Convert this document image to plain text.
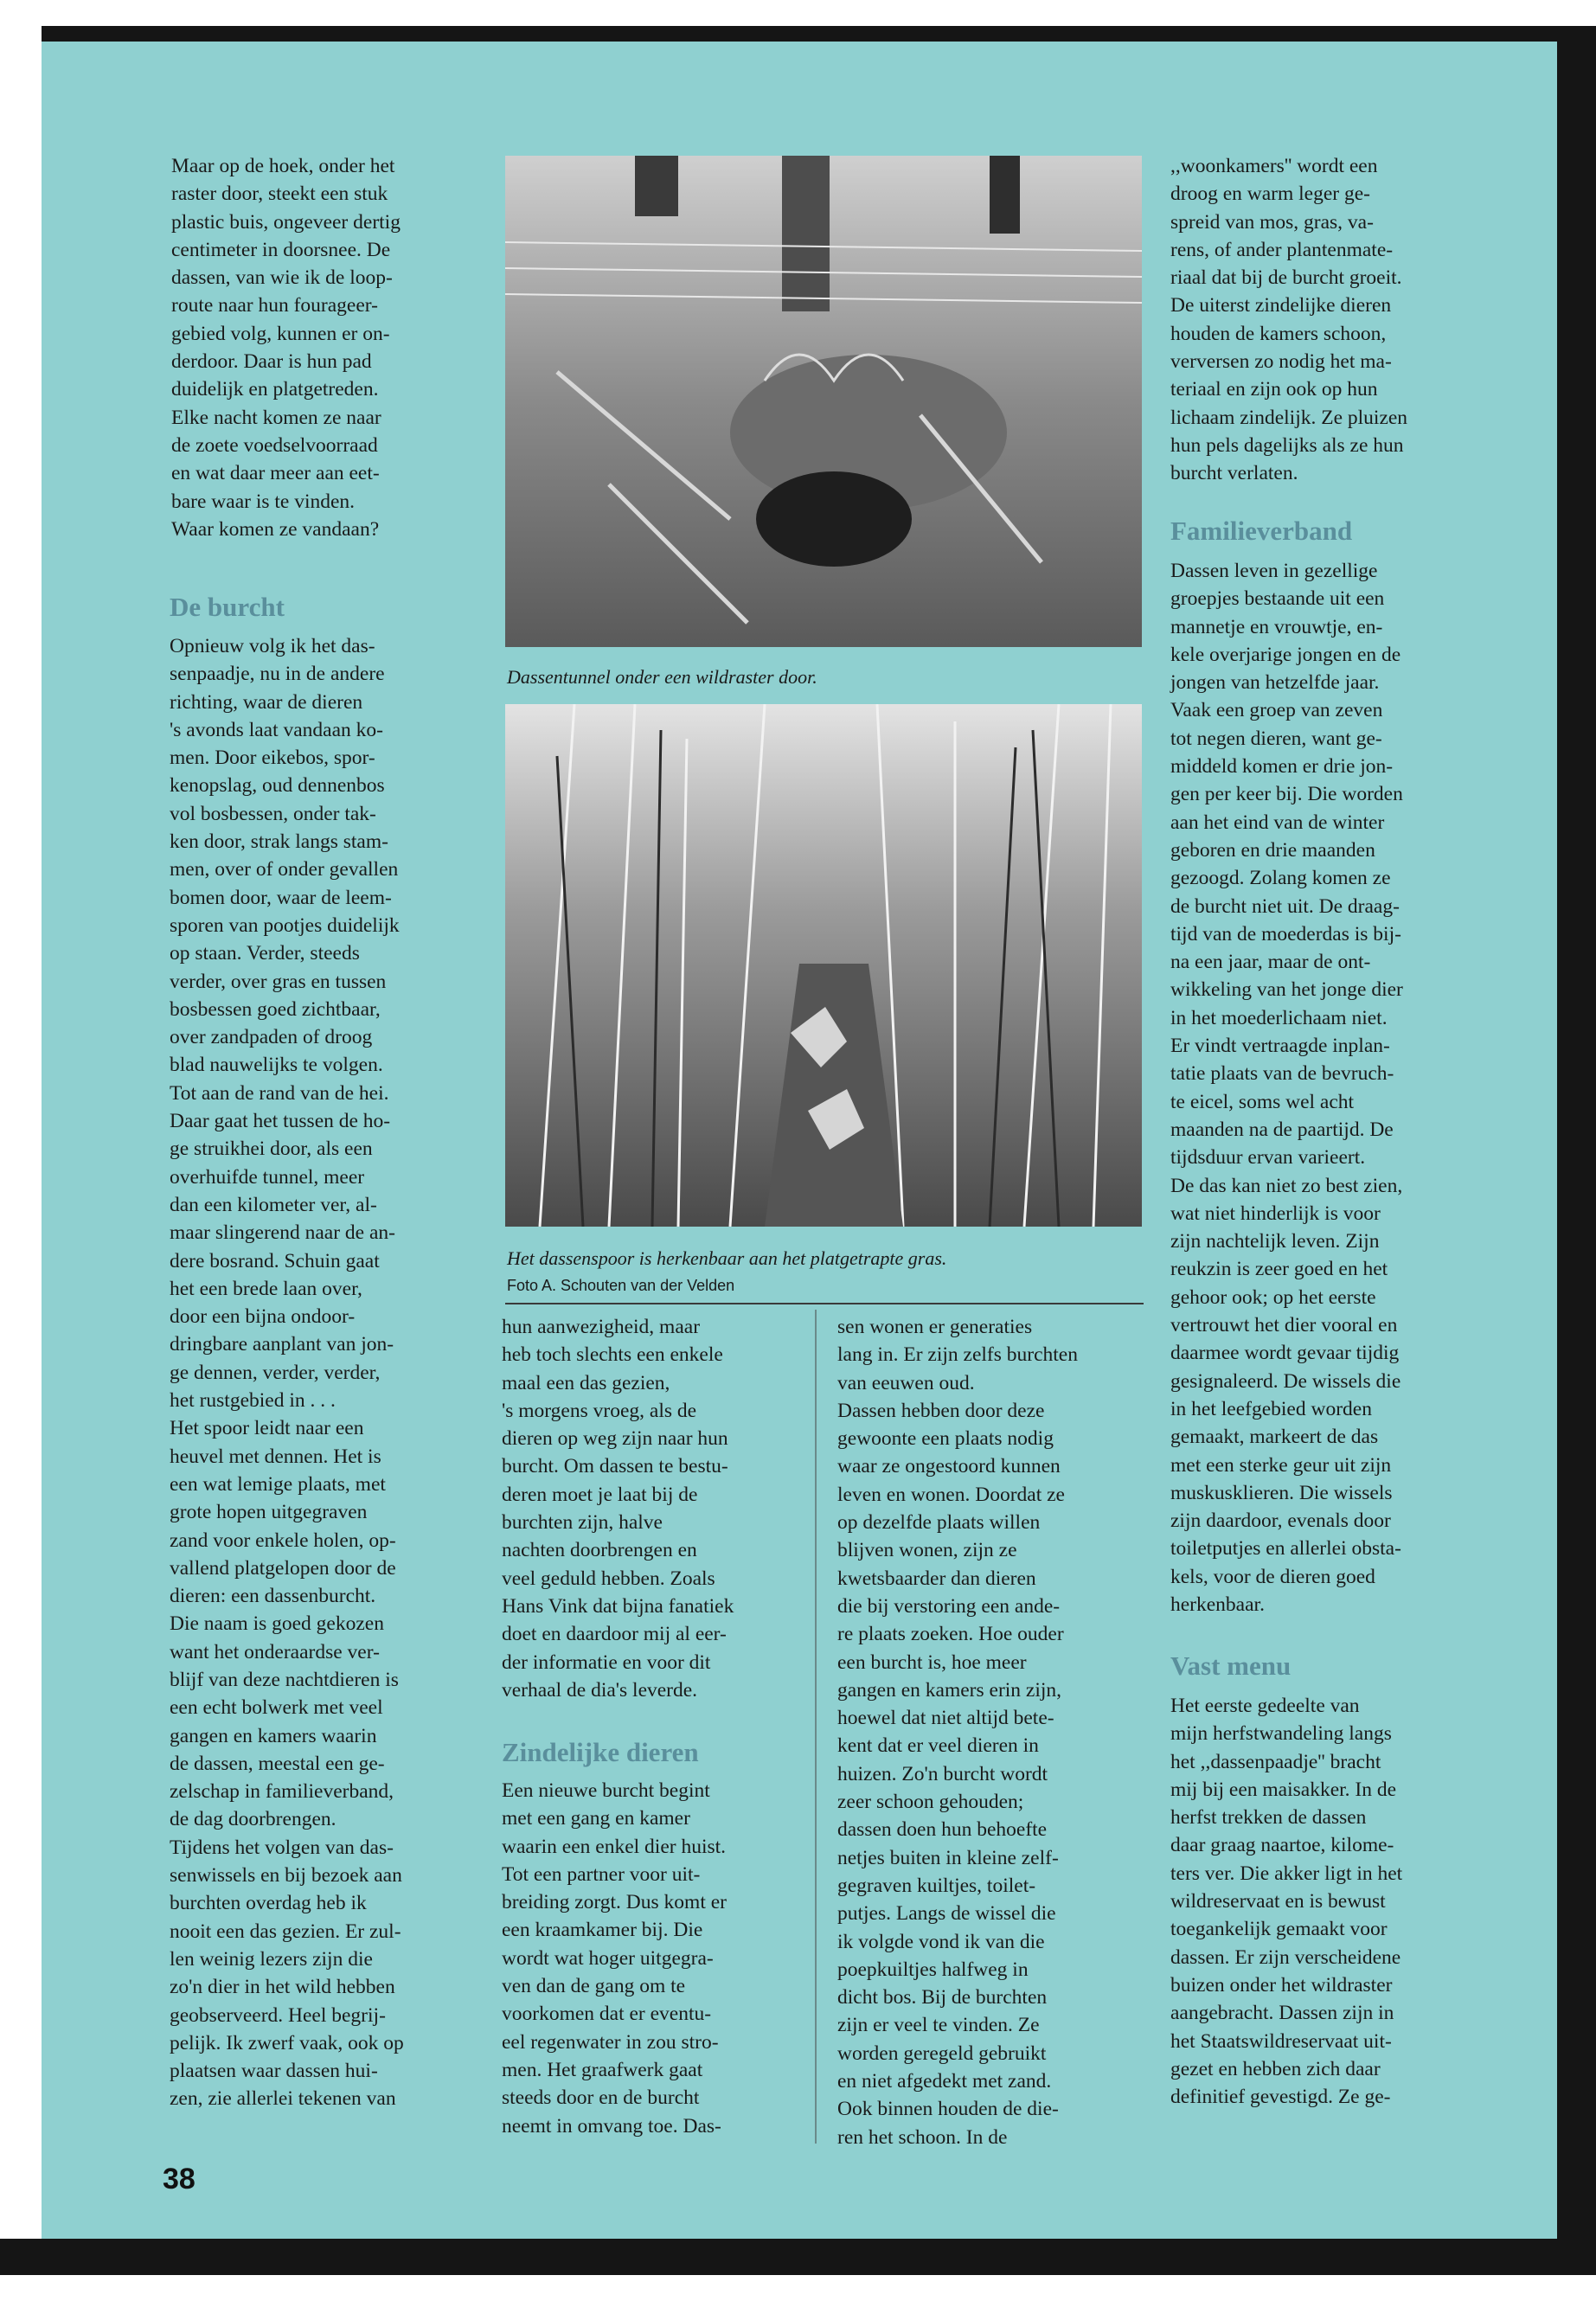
Maar op de hoek, onder het
raster door, steekt een stuk
plastic buis, ongeveer dertig
centimeter in doorsnee. De
dassen, van wie ik de loop-
route naar hun fourageer-
gebied volg, kunnen er on-
derdoor. Daar is hun pad
duidelijk en platgetreden.
Elke nacht komen ze naar
de zoete voedselvoorraad
en wat daar meer aan eet-
bare waar is te vinden.
Waar komen ze vandaan?
De burcht
Opnieuw volg ik het das-
senpaadje, nu in de andere
richting, waar de dieren
's avonds laat vandaan ko-
men. Door eikebos, spor-
kenopslag, oud dennenbos
vol bosbessen, onder tak-
ken door, strak langs stam-
men, over of onder gevallen
bomen door, waar de leem-
sporen van pootjes duidelijk
op staan. Verder, steeds
verder, over gras en tussen
bosbessen goed zichtbaar,
over zandpaden of droog
blad nauwelijks te volgen.
Tot aan de rand van de hei.
Daar gaat het tussen de ho-
ge struikhei door, als een
overhuifde tunnel, meer
dan een kilometer ver, al-
maar slingerend naar de an-
dere bosrand. Schuin gaat
het een brede laan over,
door een bijna ondoor-
dringbare aanplant van jon-
ge dennen, verder, verder,
het rustgebied in . . .
Het spoor leidt naar een
heuvel met dennen. Het is
een wat lemige plaats, met
grote hopen uitgegraven
zand voor enkele holen, op-
vallend platgelopen door de
dieren: een dassenburcht.
Die naam is goed gekozen
want het onderaardse ver-
blijf van deze nachtdieren is
een echt bolwerk met veel
gangen en kamers waarin
de dassen, meestal een ge-
zelschap in familieverband,
de dag doorbrengen.
Tijdens het volgen van das-
senwissels en bij bezoek aan
burchten overdag heb ik
nooit een das gezien. Er zul-
len weinig lezers zijn die
zo'n dier in het wild hebben
geobserveerd. Heel begrij-
pelijk. Ik zwerf vaak, ook op
plaatsen waar dassen hui-
zen, zie allerlei tekenen van
Dassentunnel onder een wildraster door.
Het dassenspoor is herkenbaar aan het platgetrapte gras.
Foto A. Schouten van der Velden
hun aanwezigheid, maar
heb toch slechts een enkele
maal een das gezien,
's morgens vroeg, als de
dieren op weg zijn naar hun
burcht. Om dassen te bestu-
deren moet je laat bij de
burchten zijn, halve
nachten doorbrengen en
veel geduld hebben. Zoals
Hans Vink dat bijna fanatiek
doet en daardoor mij al eer-
der informatie en voor dit
verhaal de dia's leverde.
Zindelijke dieren
Een nieuwe burcht begint
met een gang en kamer
waarin een enkel dier huist.
Tot een partner voor uit-
breiding zorgt. Dus komt er
een kraamkamer bij. Die
wordt wat hoger uitgegra-
ven dan de gang om te
voorkomen dat er eventu-
eel regenwater in zou stro-
men. Het graafwerk gaat
steeds door en de burcht
neemt in omvang toe. Das-
sen wonen er generaties
lang in. Er zijn zelfs burchten
van eeuwen oud.
Dassen hebben door deze
gewoonte een plaats nodig
waar ze ongestoord kunnen
leven en wonen. Doordat ze
op dezelfde plaats willen
blijven wonen, zijn ze
kwetsbaarder dan dieren
die bij verstoring een ande-
re plaats zoeken. Hoe ouder
een burcht is, hoe meer
gangen en kamers erin zijn,
hoewel dat niet altijd bete-
kent dat er veel dieren in
huizen. Zo'n burcht wordt
zeer schoon gehouden;
dassen doen hun behoefte
netjes buiten in kleine zelf-
gegraven kuiltjes, toilet-
putjes. Langs de wissel die
ik volgde vond ik van die
poepkuiltjes halfweg in
dicht bos. Bij de burchten
zijn er veel te vinden. Ze
worden geregeld gebruikt
en niet afgedekt met zand.
Ook binnen houden de die-
ren het schoon. In de
,,woonkamers'' wordt een
droog en warm leger ge-
spreid van mos, gras, va-
rens, of ander plantenmate-
riaal dat bij de burcht groeit.
De uiterst zindelijke dieren
houden de kamers schoon,
verversen zo nodig het ma-
teriaal en zijn ook op hun
lichaam zindelijk. Ze pluizen
hun pels dagelijks als ze hun
burcht verlaten.
Familieverband
Dassen leven in gezellige
groepjes bestaande uit een
mannetje en vrouwtje, en-
kele overjarige jongen en de
jongen van hetzelfde jaar.
Vaak een groep van zeven
tot negen dieren, want ge-
middeld komen er drie jon-
gen per keer bij. Die worden
aan het eind van de winter
geboren en drie maanden
gezoogd. Zolang komen ze
de burcht niet uit. De draag-
tijd van de moederdas is bij-
na een jaar, maar de ont-
wikkeling van het jonge dier
in het moederlichaam niet.
Er vindt vertraagde inplan-
tatie plaats van de bevruch-
te eicel, soms wel acht
maanden na de paartijd. De
tijdsduur ervan varieert.
De das kan niet zo best zien,
wat niet hinderlijk is voor
zijn nachtelijk leven. Zijn
reukzin is zeer goed en het
gehoor ook; op het eerste
vertrouwt het dier vooral en
daarmee wordt gevaar tijdig
gesignaleerd. De wissels die
in het leefgebied worden
gemaakt, markeert de das
met een sterke geur uit zijn
muskusklieren. Die wissels
zijn daardoor, evenals door
toiletputjes en allerlei obsta-
kels, voor de dieren goed
herkenbaar.
Vast menu
Het eerste gedeelte van
mijn herfstwandeling langs
het ,,dassenpaadje'' bracht
mij bij een maisakker. In de
herfst trekken de dassen
daar graag naartoe, kilome-
ters ver. Die akker ligt in het
wildreservaat en is bewust
toegankelijk gemaakt voor
dassen. Er zijn verscheidene
buizen onder het wildraster
aangebracht. Dassen zijn in
het Staatswildreservaat uit-
gezet en hebben zich daar
definitief gevestigd. Ze ge-
38
